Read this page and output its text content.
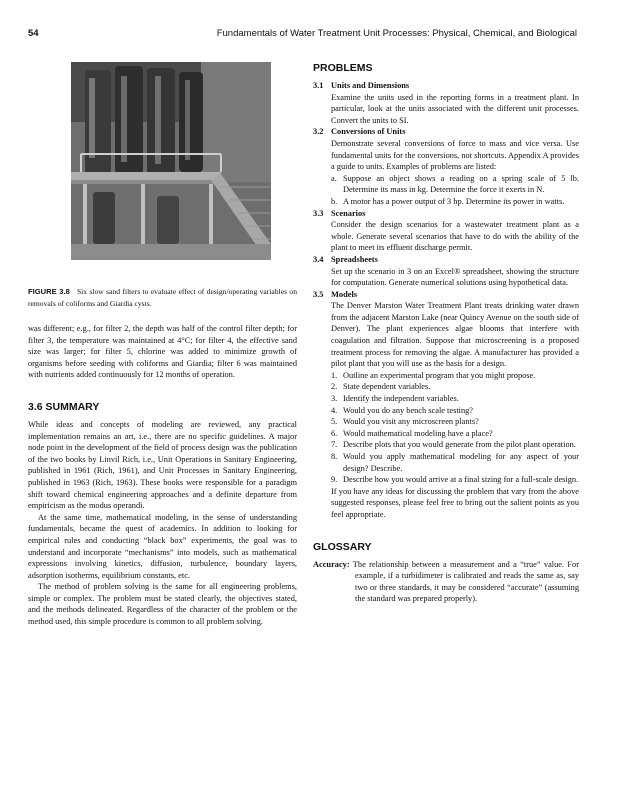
54	Fundamentals of Water Treatment Unit Processes: Physical, Chemical, and Biological
FIGURE 3.8 Six slow sand filters to evaluate effect of design/operating variables on removals of coliforms and Giardia cysts.

was different; e.g., for filter 2, the depth was half of the control filter depth; for filter 3, the temperature was maintained at 4°C; for filter 4, the effective sand size was larger; for filter 5, chlorine was added to minimize growth of organisms before seeding with coliforms and Giardia; filter 6 was maintained with nutrients added continuously for 12 months of operation.

3.6 SUMMARY

While ideas and concepts of modeling are reviewed, any practical implementation remains an art, i.e., there are no specific guidelines. A major node point in the development of the field of process design was the publication of the two books by Linvil Rich, i.e., Unit Operations in Sanitary Engineering, published in 1961 (Rich, 1961), and Unit Processes in Sanitary Engineering, published in 1963 (Rich, 1963). These books were responsible for a paradigm shift toward chemical engineering approaches and a definite departure from empiricism as the modus operandi.

At the same time, mathematical modeling, in the sense of understanding fundamentals, became the quest of academics. In addition to looking for empirical rules and conducting “black box” experiments, the goal was to understand and incorporate “mechanisms” into models, such as mathematical expressions involving kinetics, diffusion, turbulence, boundary layers, adsorption isotherms, equilibrium constants, etc.

The method of problem solving is the same for all engineering problems, simple or complex. The problem must be stated clearly, the objectives stated, and the methods delineated. Regardless of the character of the problem or the method used, this simple procedure is common to all problem solving.

PROBLEMS
3.1 Units and Dimensions
Examine the units used in the reporting forms in a treatment plant. In particular, look at the units associated with the different unit processes. Convert the units to SI.
3.2 Conversions of Units
Demonstrate several conversions of force to mass and vice versa. Use fundamental units for the conversions, not shortcuts. Appendix A provides a guide to units. Examples of problems are listed:
a. Suppose an object shows a reading on a spring scale of 5 lb. Determine its mass in kg. Determine the force it exerts in N.
b. A motor has a power output of 3 hp. Determine its power in watts.
3.3 Scenarios
Consider the design scenarios for a wastewater treatment plant as a whole. Generate several scenarios that have to do with the ability of the plant to meet its effluent discharge permit.
3.4 Spreadsheets
Set up the scenario in 3 on an Excel® spreadsheet, showing the structure for computation. Generate numerical solutions using hypothetical data.
3.5 Models
The Denver Marston Water Treatment Plant treats drinking water drawn from the adjacent Marston Lake (near Quincy Avenue on the south side of Denver). The plant experiences algae blooms that interfere with coagulation and filtration. Suppose that microscreening is a proposed treatment process for removing the algae. A manufacturer has provided a pilot plant that you will use as the basis for a design.
1. Outline an experimental program that you might propose.
2. State dependent variables.
3. Identify the independent variables.
4. Would you do any bench scale testing?
5. Would you visit any microscreen plants?
6. Would mathematical modeling have a place?
7. Describe plots that you would generate from the pilot plant operation.
8. Would you apply mathematical modeling for any aspect of your design? Describe.
9. Describe how you would arrive at a final sizing for a full-scale design.
If you have any ideas for discussing the problem that vary from the above suggested responses, please feel free to bring out the salient points as you feel appropriate.
GLOSSARY
Accuracy: The relationship between a measurement and a “true” value. For example, if a turbidimeter is calibrated and reads the same as, say two or three standards, it may be considered “accurate” (assuming the standard was prepared properly).
